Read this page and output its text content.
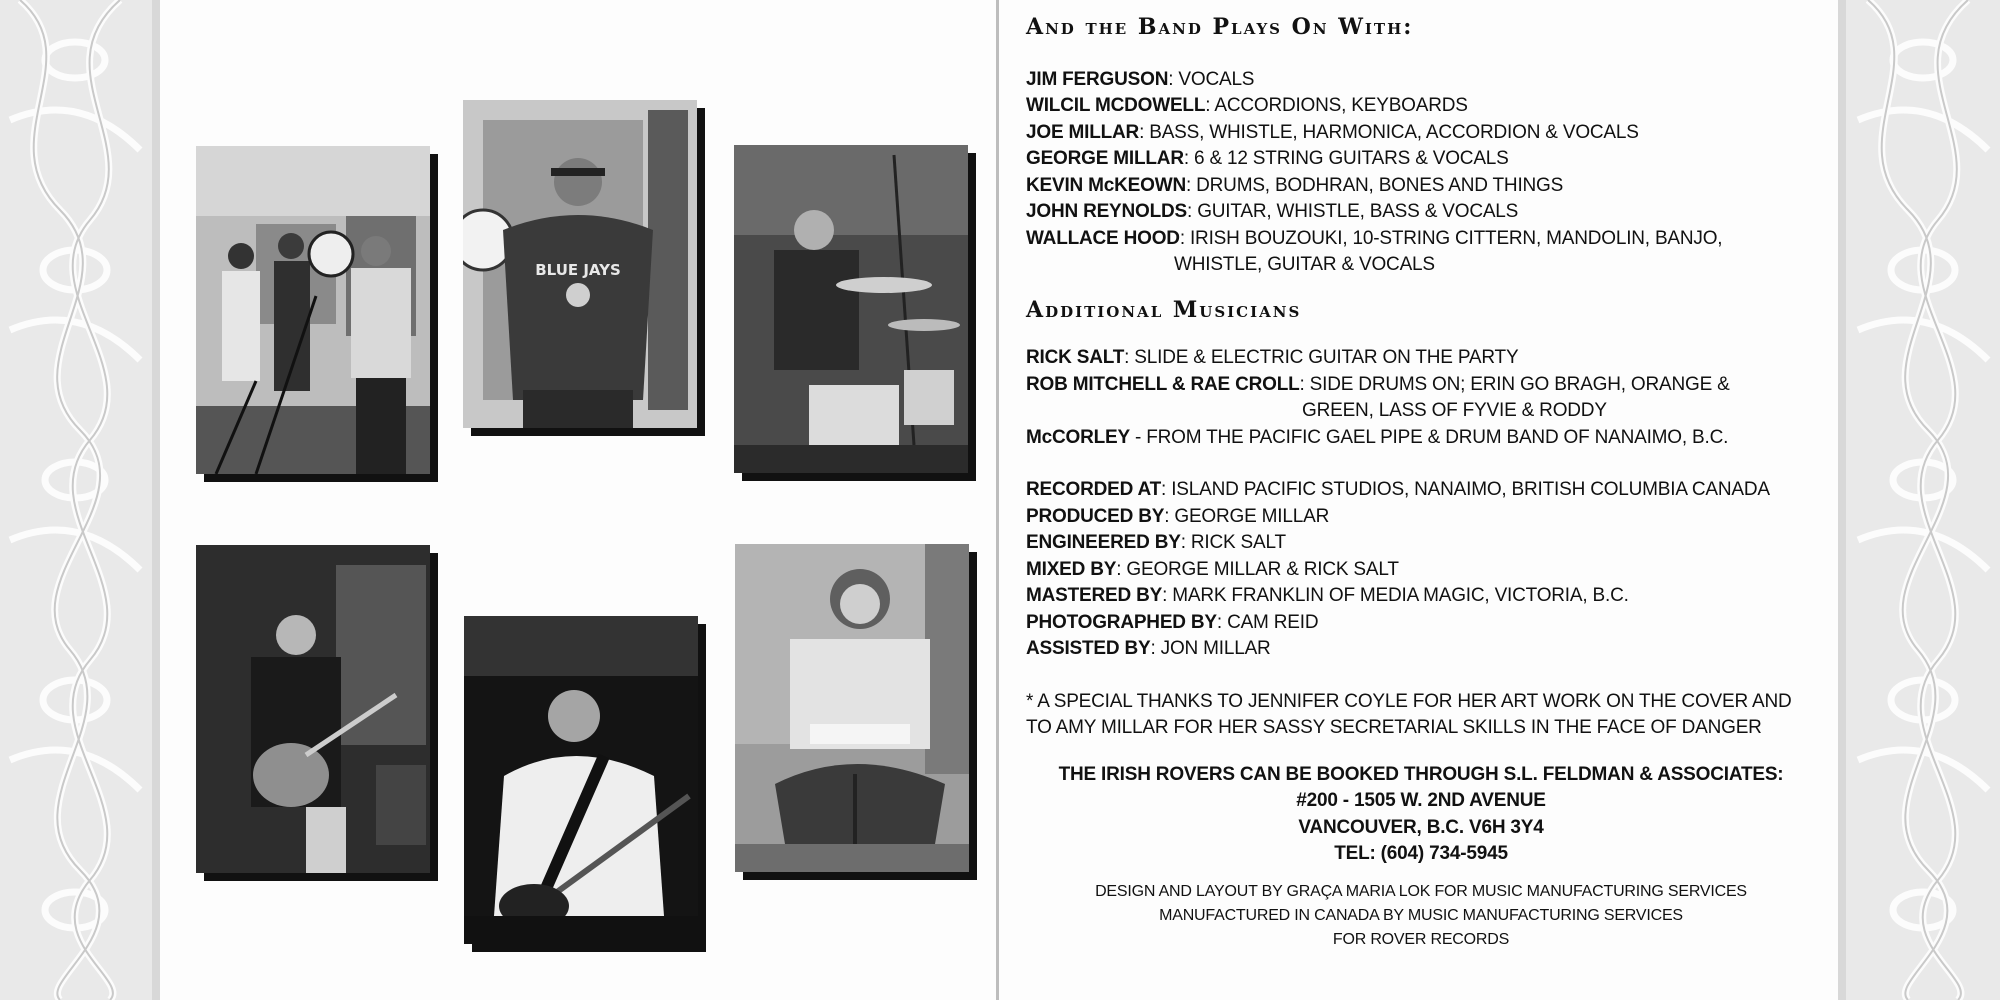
BLUE JAYS
And the Band Plays On With:
JIM FERGUSON: VOCALS
WILCIL MCDOWELL: ACCORDIONS, KEYBOARDS
JOE MILLAR: BASS, WHISTLE, HARMONICA, ACCORDION & VOCALS
GEORGE MILLAR: 6 & 12 STRING GUITARS & VOCALS
KEVIN McKEOWN: DRUMS, BODHRAN, BONES AND THINGS
JOHN REYNOLDS: GUITAR, WHISTLE, BASS & VOCALS
WALLACE HOOD: IRISH BOUZOUKI, 10-STRING CITTERN, MANDOLIN, BANJO,
WHISTLE, GUITAR & VOCALS
Additional Musicians
RICK SALT: SLIDE & ELECTRIC GUITAR ON THE PARTY
ROB MITCHELL & RAE CROLL: SIDE DRUMS ON; ERIN GO BRAGH, ORANGE &
GREEN, LASS OF FYVIE & RODDY
McCORLEY - FROM THE PACIFIC GAEL PIPE & DRUM BAND OF NANAIMO, B.C.
RECORDED AT: ISLAND PACIFIC STUDIOS, NANAIMO, BRITISH COLUMBIA CANADA
PRODUCED BY: GEORGE MILLAR
ENGINEERED BY: RICK SALT
MIXED BY: GEORGE MILLAR & RICK SALT
MASTERED BY: MARK FRANKLIN OF MEDIA MAGIC, VICTORIA, B.C.
PHOTOGRAPHED BY: CAM REID
ASSISTED BY: JON MILLAR
* A SPECIAL THANKS TO JENNIFER COYLE FOR HER ART WORK ON THE COVER AND
TO AMY MILLAR FOR HER SASSY SECRETARIAL SKILLS IN THE FACE OF DANGER
THE IRISH ROVERS CAN BE BOOKED THROUGH S.L. FELDMAN & ASSOCIATES:
#200 - 1505 W. 2ND AVENUE
VANCOUVER, B.C. V6H 3Y4
TEL: (604) 734-5945
DESIGN AND LAYOUT BY GRAÇA MARIA LOK FOR MUSIC MANUFACTURING SERVICES
MANUFACTURED IN CANADA BY MUSIC MANUFACTURING SERVICES
FOR ROVER RECORDS
